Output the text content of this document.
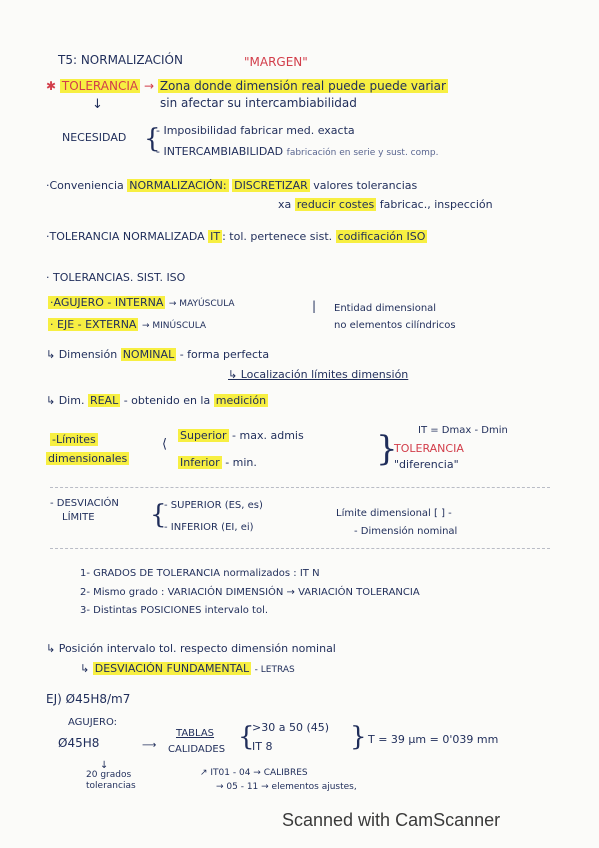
T5: NORMALIZACIÓN	"MARGEN"
✱ TOLERANCIA → Zona donde dimensión real puede puede variar
sin afectar su intercambiabilidad
↓
NECESIDAD {
- Imposibilidad fabricar med. exacta
- INTERCAMBIABILIDAD fabricación en serie y sust. comp.
·Conveniencia NORMALIZACIÓN: DISCRETIZAR valores tolerancias
xa reducir costes fabricac., inspección
·TOLERANCIA NORMALIZADA IT : tol. pertenece sist. codificación ISO
· TOLERANCIAS. SIST. ISO
·AGUJERO - INTERNA → MAYÚSCULA
· EJE - EXTERNA → MINÚSCULA
| Entidad dimensional
no elementos cilíndricos
↳ Dimensión NOMINAL - forma perfecta
↳ Localización límites dimensión
↳ Dim. REAL - obtenido en la medición
-Límites
dimensionales
⟨
Superior - max. admis
Inferior - min.	} IT = Dmax - Dmin
TOLERANCIA
"diferencia"
- DESVIACIÓN
LÍMITE {
- SUPERIOR (ES, es)
- INFERIOR (EI, ei)
Límite dimensional [ ] -
- Dimensión nominal
1- GRADOS DE TOLERANCIA normalizados : IT N
2- Mismo grado : VARIACIÓN DIMENSIÓN → VARIACIÓN TOLERANCIA
3- Distintas POSICIONES intervalo tol.
↳ Posición intervalo tol. respecto dimensión nominal
↳ DESVIACIÓN FUNDAMENTAL - LETRAS
EJ) Ø45H8/m7
AGUJERO:
Ø45H8
TABLAS
⟶ CALIDADES {
>30 a 50 (45)
IT 8	} T = 39 μm = 0'039 mm
↓
20 grados
tolerancias
↗ IT01 - 04 → CALIBRES
→ 05 - 11 → elementos ajustes,
Scanned with CamScanner
